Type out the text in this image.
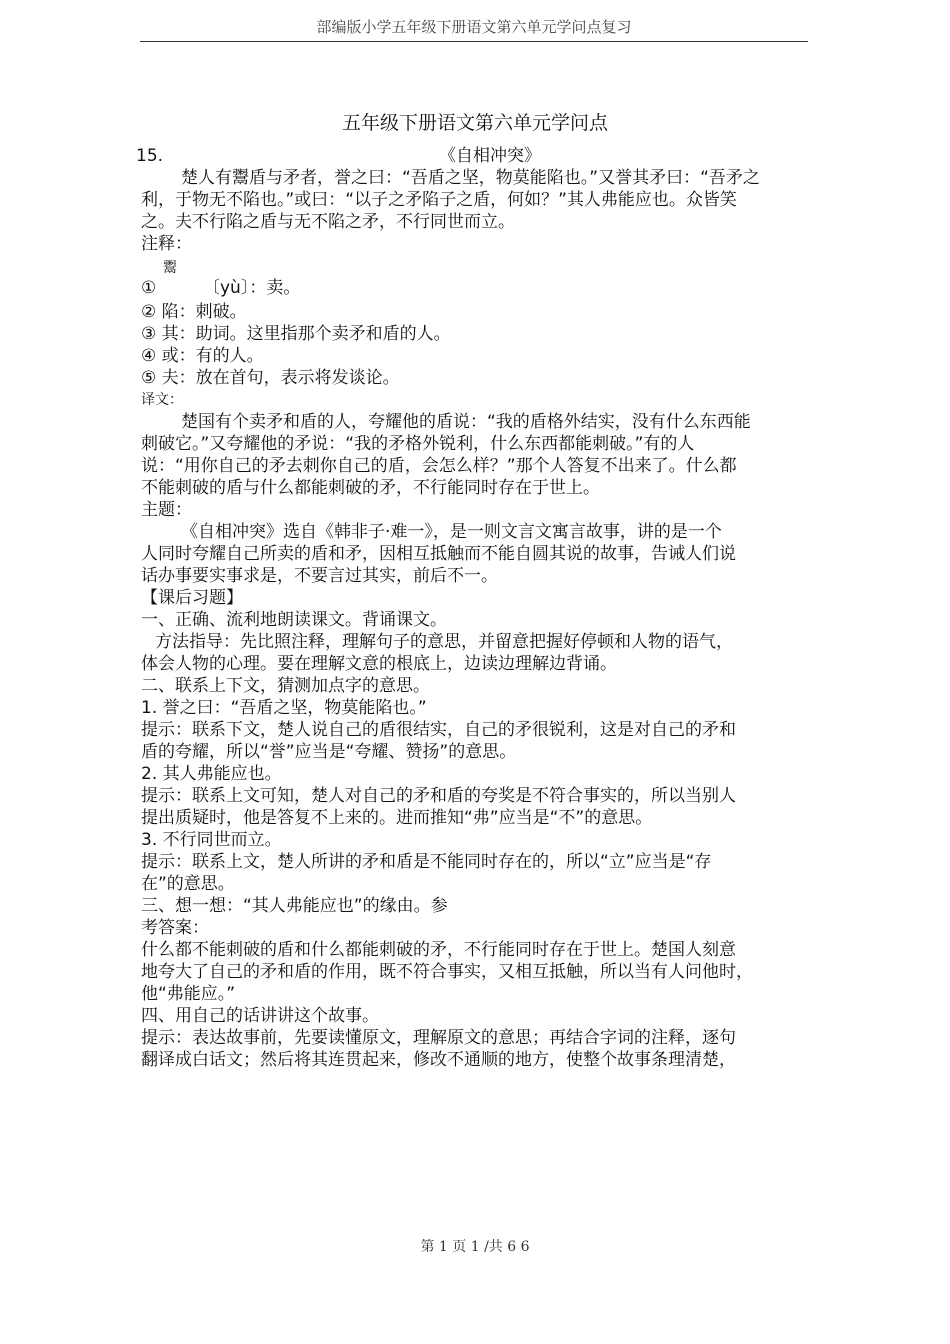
部编版小学五年级下册语文第六单元学问点复习
五年级下册语文第六单元学问点
15.	《自相冲突》
楚人有鬻盾与矛者，誉之曰：“吾盾之坚，物莫能陷也。”又誉其矛曰：“吾矛之
利，于物无不陷也。”或曰：“以子之矛陷子之盾，何如？”其人弗能应也。众皆笑
之。夫不行陷之盾与无不陷之矛，不行同世而立。
注释：
鬻
①	〔yù〕：卖。
② 陷：刺破。
③ 其：助词。这里指那个卖矛和盾的人。
④ 或：有的人。
⑤ 夫：放在首句，表示将发谈论。
译文：
楚国有个卖矛和盾的人，夸耀他的盾说：“我的盾格外结实，没有什么东西能
刺破它。”又夸耀他的矛说：“我的矛格外锐利，什么东西都能刺破。”有的人
说：“用你自己的矛去刺你自己的盾，会怎么样？”那个人答复不出来了。什么都
不能刺破的盾与什么都能刺破的矛，不行能同时存在于世上。
主题：
《自相冲突》选自《韩非子·难一》，是一则文言文寓言故事，讲的是一个
人同时夸耀自己所卖的盾和矛，因相互抵触而不能自圆其说的故事，告诫人们说
话办事要实事求是，不要言过其实，前后不一。
【课后习题】
一、正确、流利地朗读课文。背诵课文。
方法指导：先比照注释，理解句子的意思，并留意把握好停顿和人物的语气，
体会人物的心理。要在理解文意的根底上，边读边理解边背诵。
二、联系上下文，猜测加点字的意思。
1. 誉之曰：“吾盾之坚，物莫能陷也。”
提示：联系下文，楚人说自己的盾很结实，自己的矛很锐利，这是对自己的矛和
盾的夸耀，所以“誉”应当是“夸耀、赞扬”的意思。
2. 其人弗能应也。
提示：联系上文可知，楚人对自己的矛和盾的夸奖是不符合事实的，所以当别人
提出质疑时，他是答复不上来的。进而推知“弗”应当是“不”的意思。
3. 不行同世而立。
提示：联系上文，楚人所讲的矛和盾是不能同时存在的，所以“立”应当是“存
在”的意思。
三、想一想：“其人弗能应也”的缘由。参
考答案：
什么都不能刺破的盾和什么都能刺破的矛，不行能同时存在于世上。楚国人刻意
地夸大了自己的矛和盾的作用，既不符合事实，又相互抵触，所以当有人问他时，
他“弗能应。”
四、用自己的话讲讲这个故事。
提示：表达故事前，先要读懂原文，理解原文的意思；再结合字词的注释，逐句
翻译成白话文；然后将其连贯起来，修改不通顺的地方，使整个故事条理清楚，
第 1 页 1 /共 6 6
